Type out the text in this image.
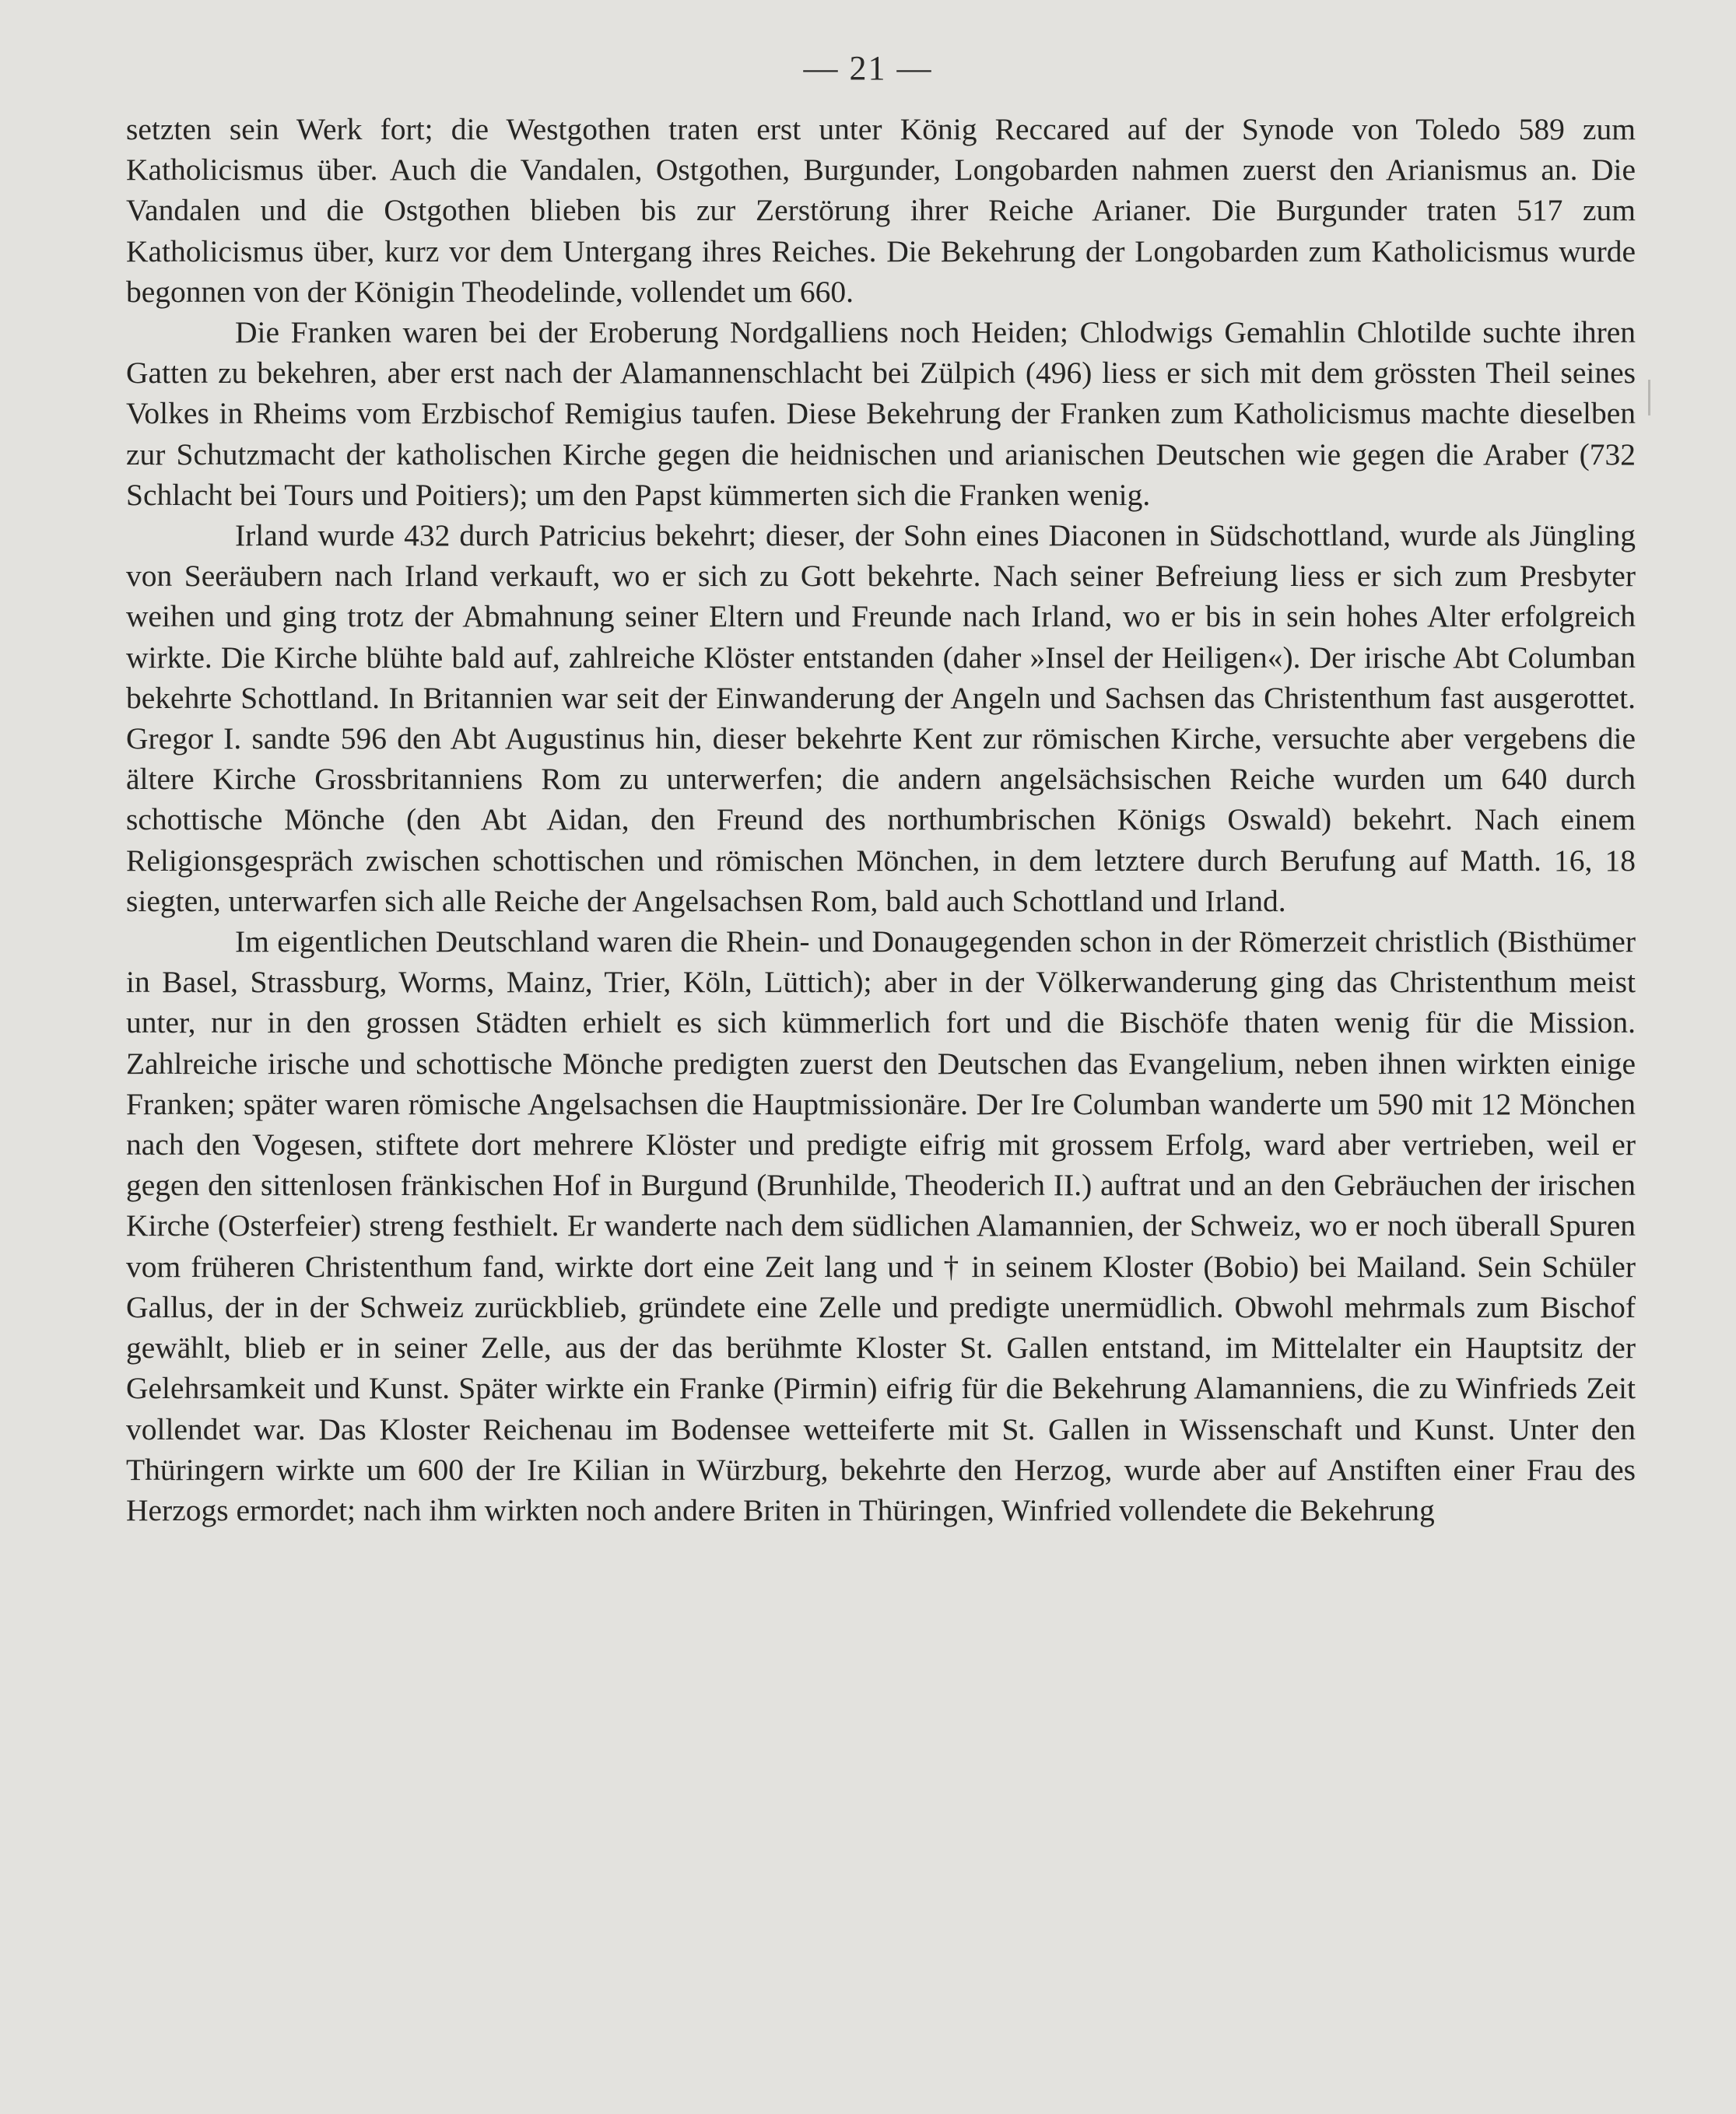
— 21 —

setzten sein Werk fort; die Westgothen traten erst unter König Reccared auf der Synode von Toledo 589 zum Katholicismus über. Auch die Vandalen, Ostgothen, Burgunder, Longobarden nahmen zuerst den Arianismus an. Die Vandalen und die Ostgothen blieben bis zur Zerstörung ihrer Reiche Arianer. Die Burgunder traten 517 zum Katholicismus über, kurz vor dem Untergang ihres Reiches. Die Bekehrung der Longobarden zum Katholicismus wurde begonnen von der Königin Theodelinde, vollendet um 660.

Die Franken waren bei der Eroberung Nordgalliens noch Heiden; Chlodwigs Gemahlin Chlotilde suchte ihren Gatten zu bekehren, aber erst nach der Alamannenschlacht bei Zülpich (496) liess er sich mit dem grössten Theil seines Volkes in Rheims vom Erzbischof Remigius taufen. Diese Bekehrung der Franken zum Katholicismus machte dieselben zur Schutzmacht der katholischen Kirche gegen die heidnischen und arianischen Deutschen wie gegen die Araber (732 Schlacht bei Tours und Poitiers); um den Papst kümmerten sich die Franken wenig.

Irland wurde 432 durch Patricius bekehrt; dieser, der Sohn eines Diaconen in Südschottland, wurde als Jüngling von Seeräubern nach Irland verkauft, wo er sich zu Gott bekehrte. Nach seiner Befreiung liess er sich zum Presbyter weihen und ging trotz der Abmahnung seiner Eltern und Freunde nach Irland, wo er bis in sein hohes Alter erfolgreich wirkte. Die Kirche blühte bald auf, zahlreiche Klöster entstanden (daher »Insel der Heiligen«). Der irische Abt Columban bekehrte Schottland. In Britannien war seit der Einwanderung der Angeln und Sachsen das Christenthum fast ausgerottet. Gregor I. sandte 596 den Abt Augustinus hin, dieser bekehrte Kent zur römischen Kirche, versuchte aber vergebens die ältere Kirche Grossbritanniens Rom zu unterwerfen; die andern angelsächsischen Reiche wurden um 640 durch schottische Mönche (den Abt Aidan, den Freund des northumbrischen Königs Oswald) bekehrt. Nach einem Religionsgespräch zwischen schottischen und römischen Mönchen, in dem letztere durch Berufung auf Matth. 16, 18 siegten, unterwarfen sich alle Reiche der Angelsachsen Rom, bald auch Schottland und Irland.

Im eigentlichen Deutschland waren die Rhein- und Donaugegenden schon in der Römerzeit christlich (Bisthümer in Basel, Strassburg, Worms, Mainz, Trier, Köln, Lüttich); aber in der Völkerwanderung ging das Christenthum meist unter, nur in den grossen Städten erhielt es sich kümmerlich fort und die Bischöfe thaten wenig für die Mission. Zahlreiche irische und schottische Mönche predigten zuerst den Deutschen das Evangelium, neben ihnen wirkten einige Franken; später waren römische Angelsachsen die Hauptmissionäre. Der Ire Columban wanderte um 590 mit 12 Mönchen nach den Vogesen, stiftete dort mehrere Klöster und predigte eifrig mit grossem Erfolg, ward aber vertrieben, weil er gegen den sittenlosen fränkischen Hof in Burgund (Brunhilde, Theoderich II.) auftrat und an den Gebräuchen der irischen Kirche (Osterfeier) streng festhielt. Er wanderte nach dem südlichen Alamannien, der Schweiz, wo er noch überall Spuren vom früheren Christenthum fand, wirkte dort eine Zeit lang und † in seinem Kloster (Bobio) bei Mailand. Sein Schüler Gallus, der in der Schweiz zurückblieb, gründete eine Zelle und predigte unermüdlich. Obwohl mehrmals zum Bischof gewählt, blieb er in seiner Zelle, aus der das berühmte Kloster St. Gallen entstand, im Mittelalter ein Hauptsitz der Gelehrsamkeit und Kunst. Später wirkte ein Franke (Pirmin) eifrig für die Bekehrung Alamanniens, die zu Winfrieds Zeit vollendet war. Das Kloster Reichenau im Bodensee wetteiferte mit St. Gallen in Wissenschaft und Kunst. Unter den Thüringern wirkte um 600 der Ire Kilian in Würzburg, bekehrte den Herzog, wurde aber auf Anstiften einer Frau des Herzogs ermordet; nach ihm wirkten noch andere Briten in Thüringen, Winfried vollendete die Bekehrung
